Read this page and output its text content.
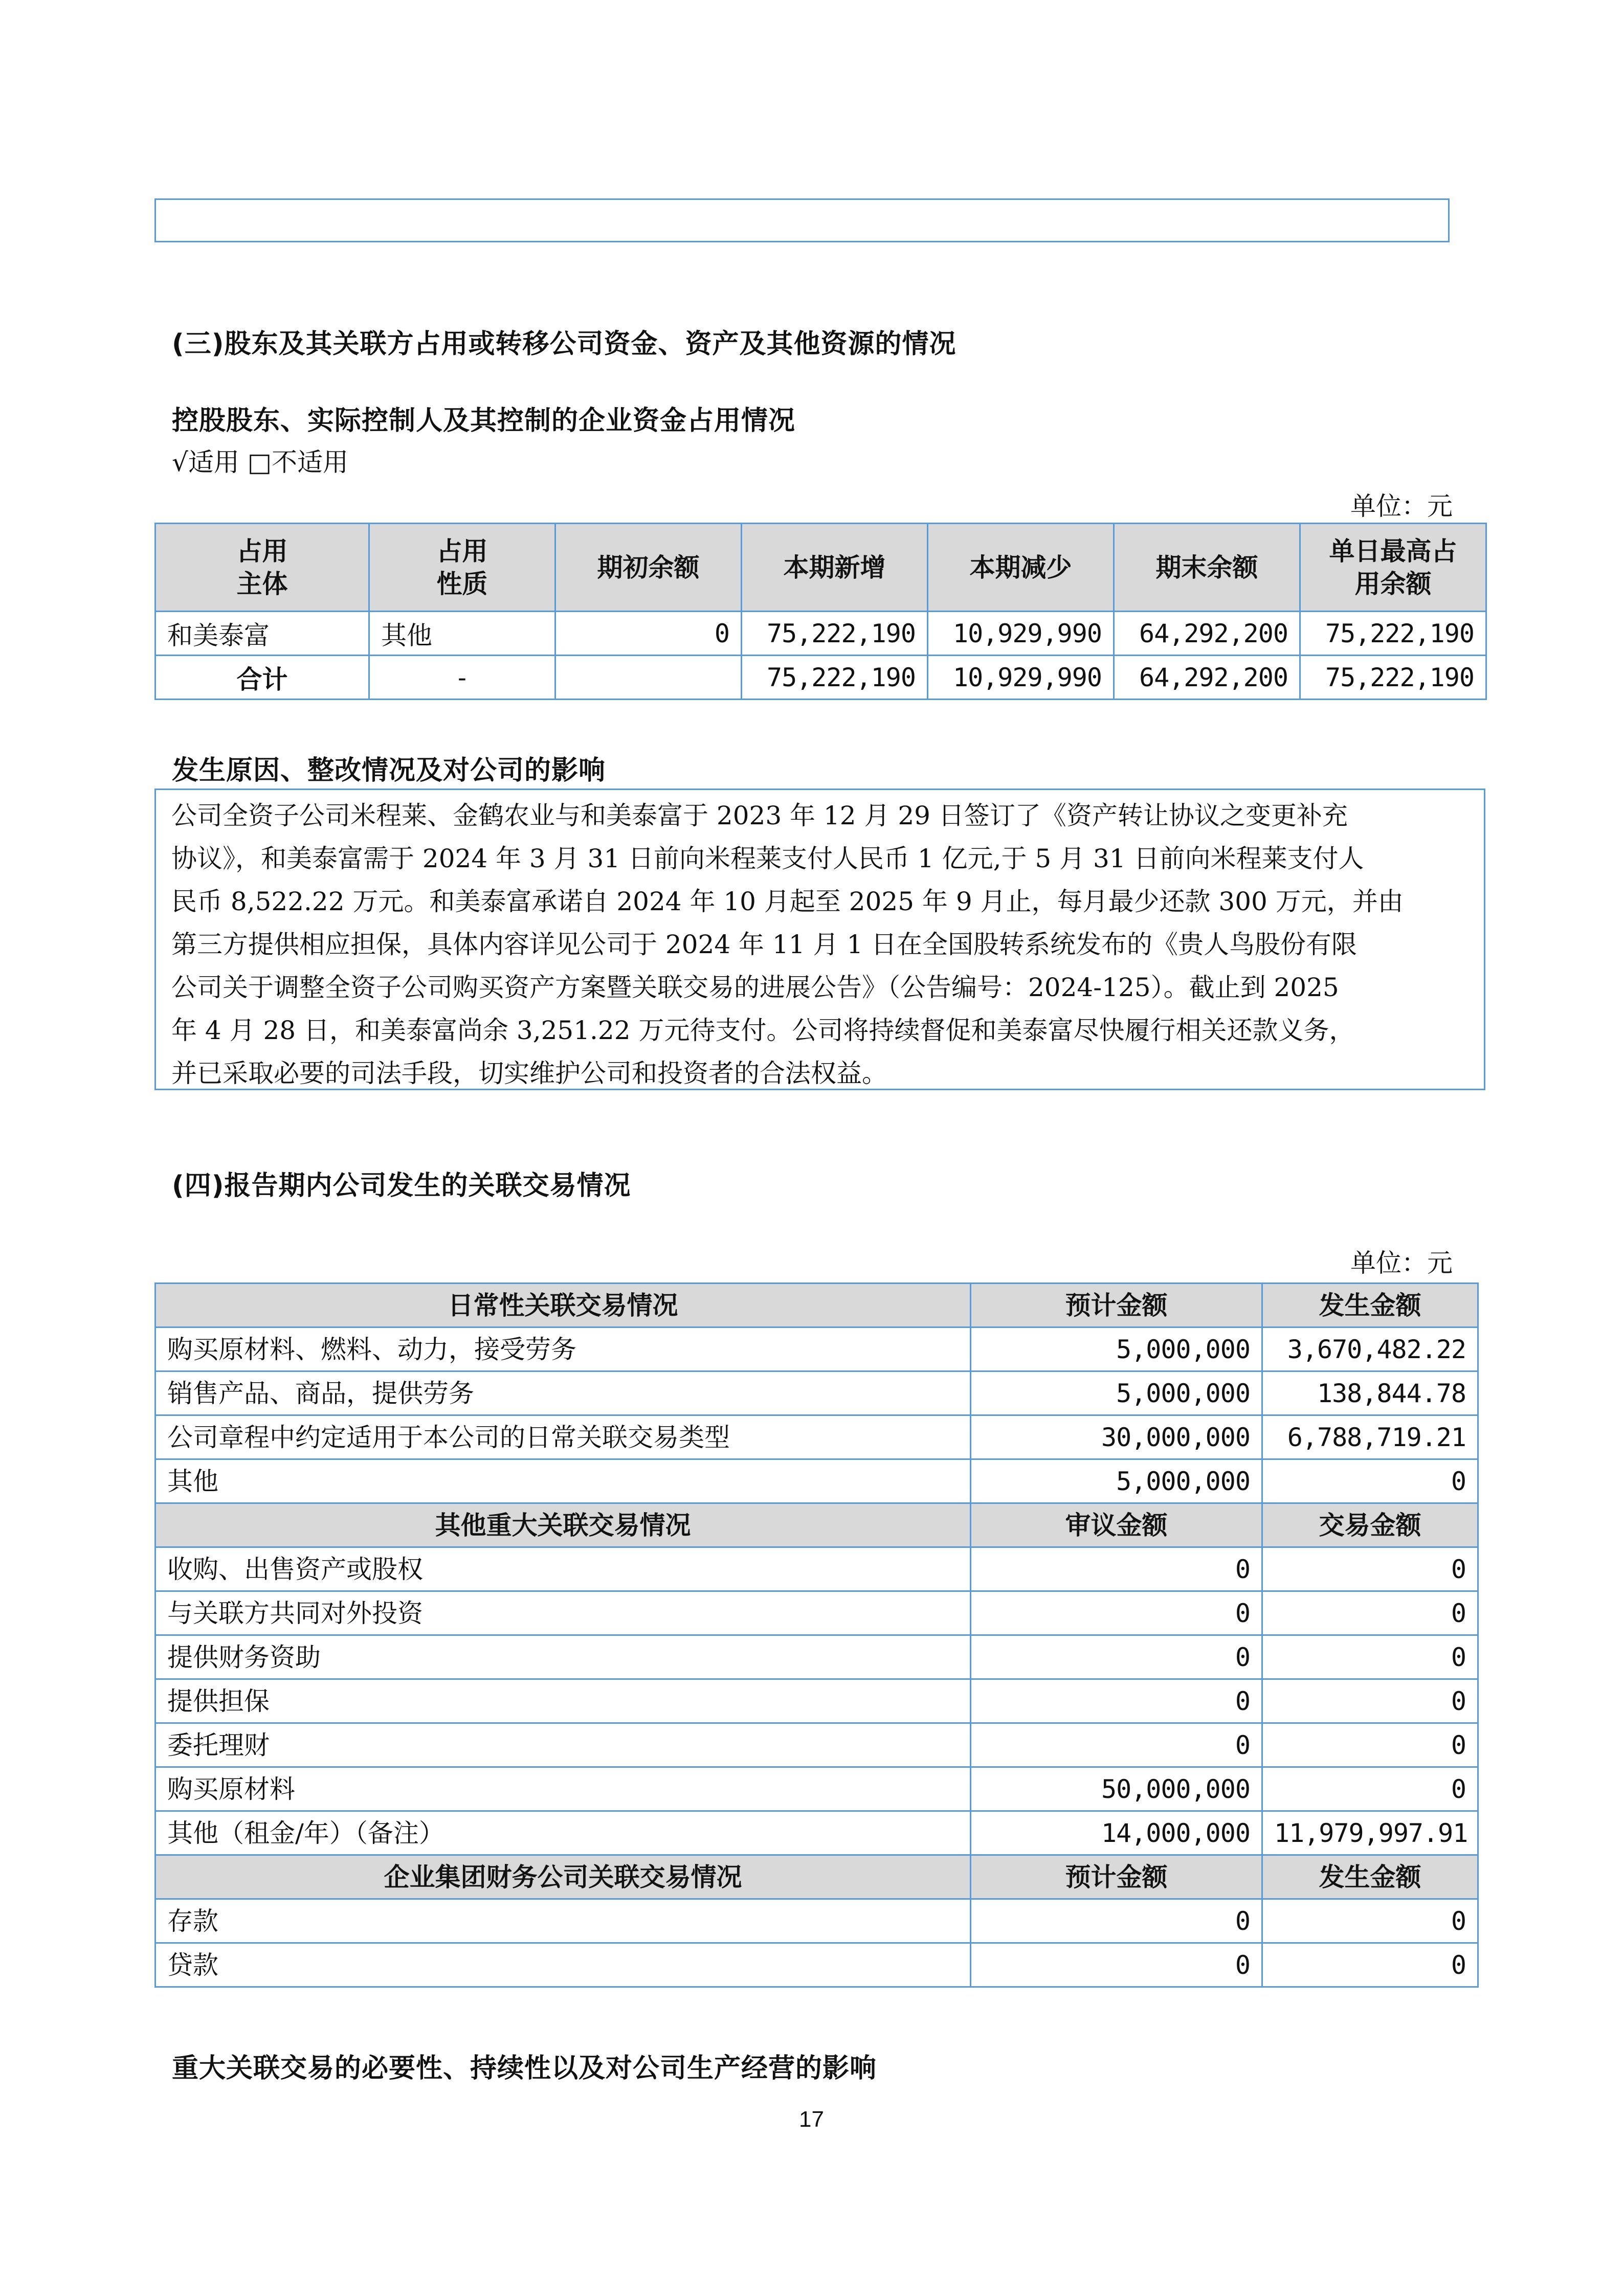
(三)股东及其关联方占用或转移公司资金、资产及其他资源的情况
控股股东、实际控制人及其控制的企业资金占用情况
√适用 □不适用
单位：元
占用
主体	占用
性质	期初余额	本期新增	本期减少	期末余额	单日最高占
用余额
和美泰富	其他	0	75,222,190	10,929,990	64,292,200	75,222,190
合计	-		75,222,190	10,929,990	64,292,200	75,222,190
发生原因、整改情况及对公司的影响
公司全资子公司米程莱、金鹤农业与和美泰富于 2023 年 12 月 29 日签订了《资产转让协议之变更补充
协议》，和美泰富需于 2024 年 3 月 31 日前向米程莱支付人民币 1 亿元,于 5 月 31 日前向米程莱支付人
民币 8,522.22 万元。和美泰富承诺自 2024 年 10 月起至 2025 年 9 月止，每月最少还款 300 万元，并由
第三方提供相应担保，具体内容详见公司于 2024 年 11 月 1 日在全国股转系统发布的《贵人鸟股份有限
公司关于调整全资子公司购买资产方案暨关联交易的进展公告》（公告编号：2024-125）。截止到 2025
年 4 月 28 日，和美泰富尚余 3,251.22 万元待支付。公司将持续督促和美泰富尽快履行相关还款义务，
并已采取必要的司法手段，切实维护公司和投资者的合法权益。
(四)报告期内公司发生的关联交易情况
单位：元
日常性关联交易情况	预计金额	发生金额
购买原材料、燃料、动力，接受劳务	5,000,000	3,670,482.22
销售产品、商品，提供劳务	5,000,000	138,844.78
公司章程中约定适用于本公司的日常关联交易类型	30,000,000	6,788,719.21
其他	5,000,000	0
其他重大关联交易情况	审议金额	交易金额
收购、出售资产或股权	0	0
与关联方共同对外投资	0	0
提供财务资助	0	0
提供担保	0	0
委托理财	0	0
购买原材料	50,000,000	0
其他（租金/年）（备注）	14,000,000	11,979,997.91
企业集团财务公司关联交易情况	预计金额	发生金额
存款	0	0
贷款	0	0
重大关联交易的必要性、持续性以及对公司生产经营的影响
17
